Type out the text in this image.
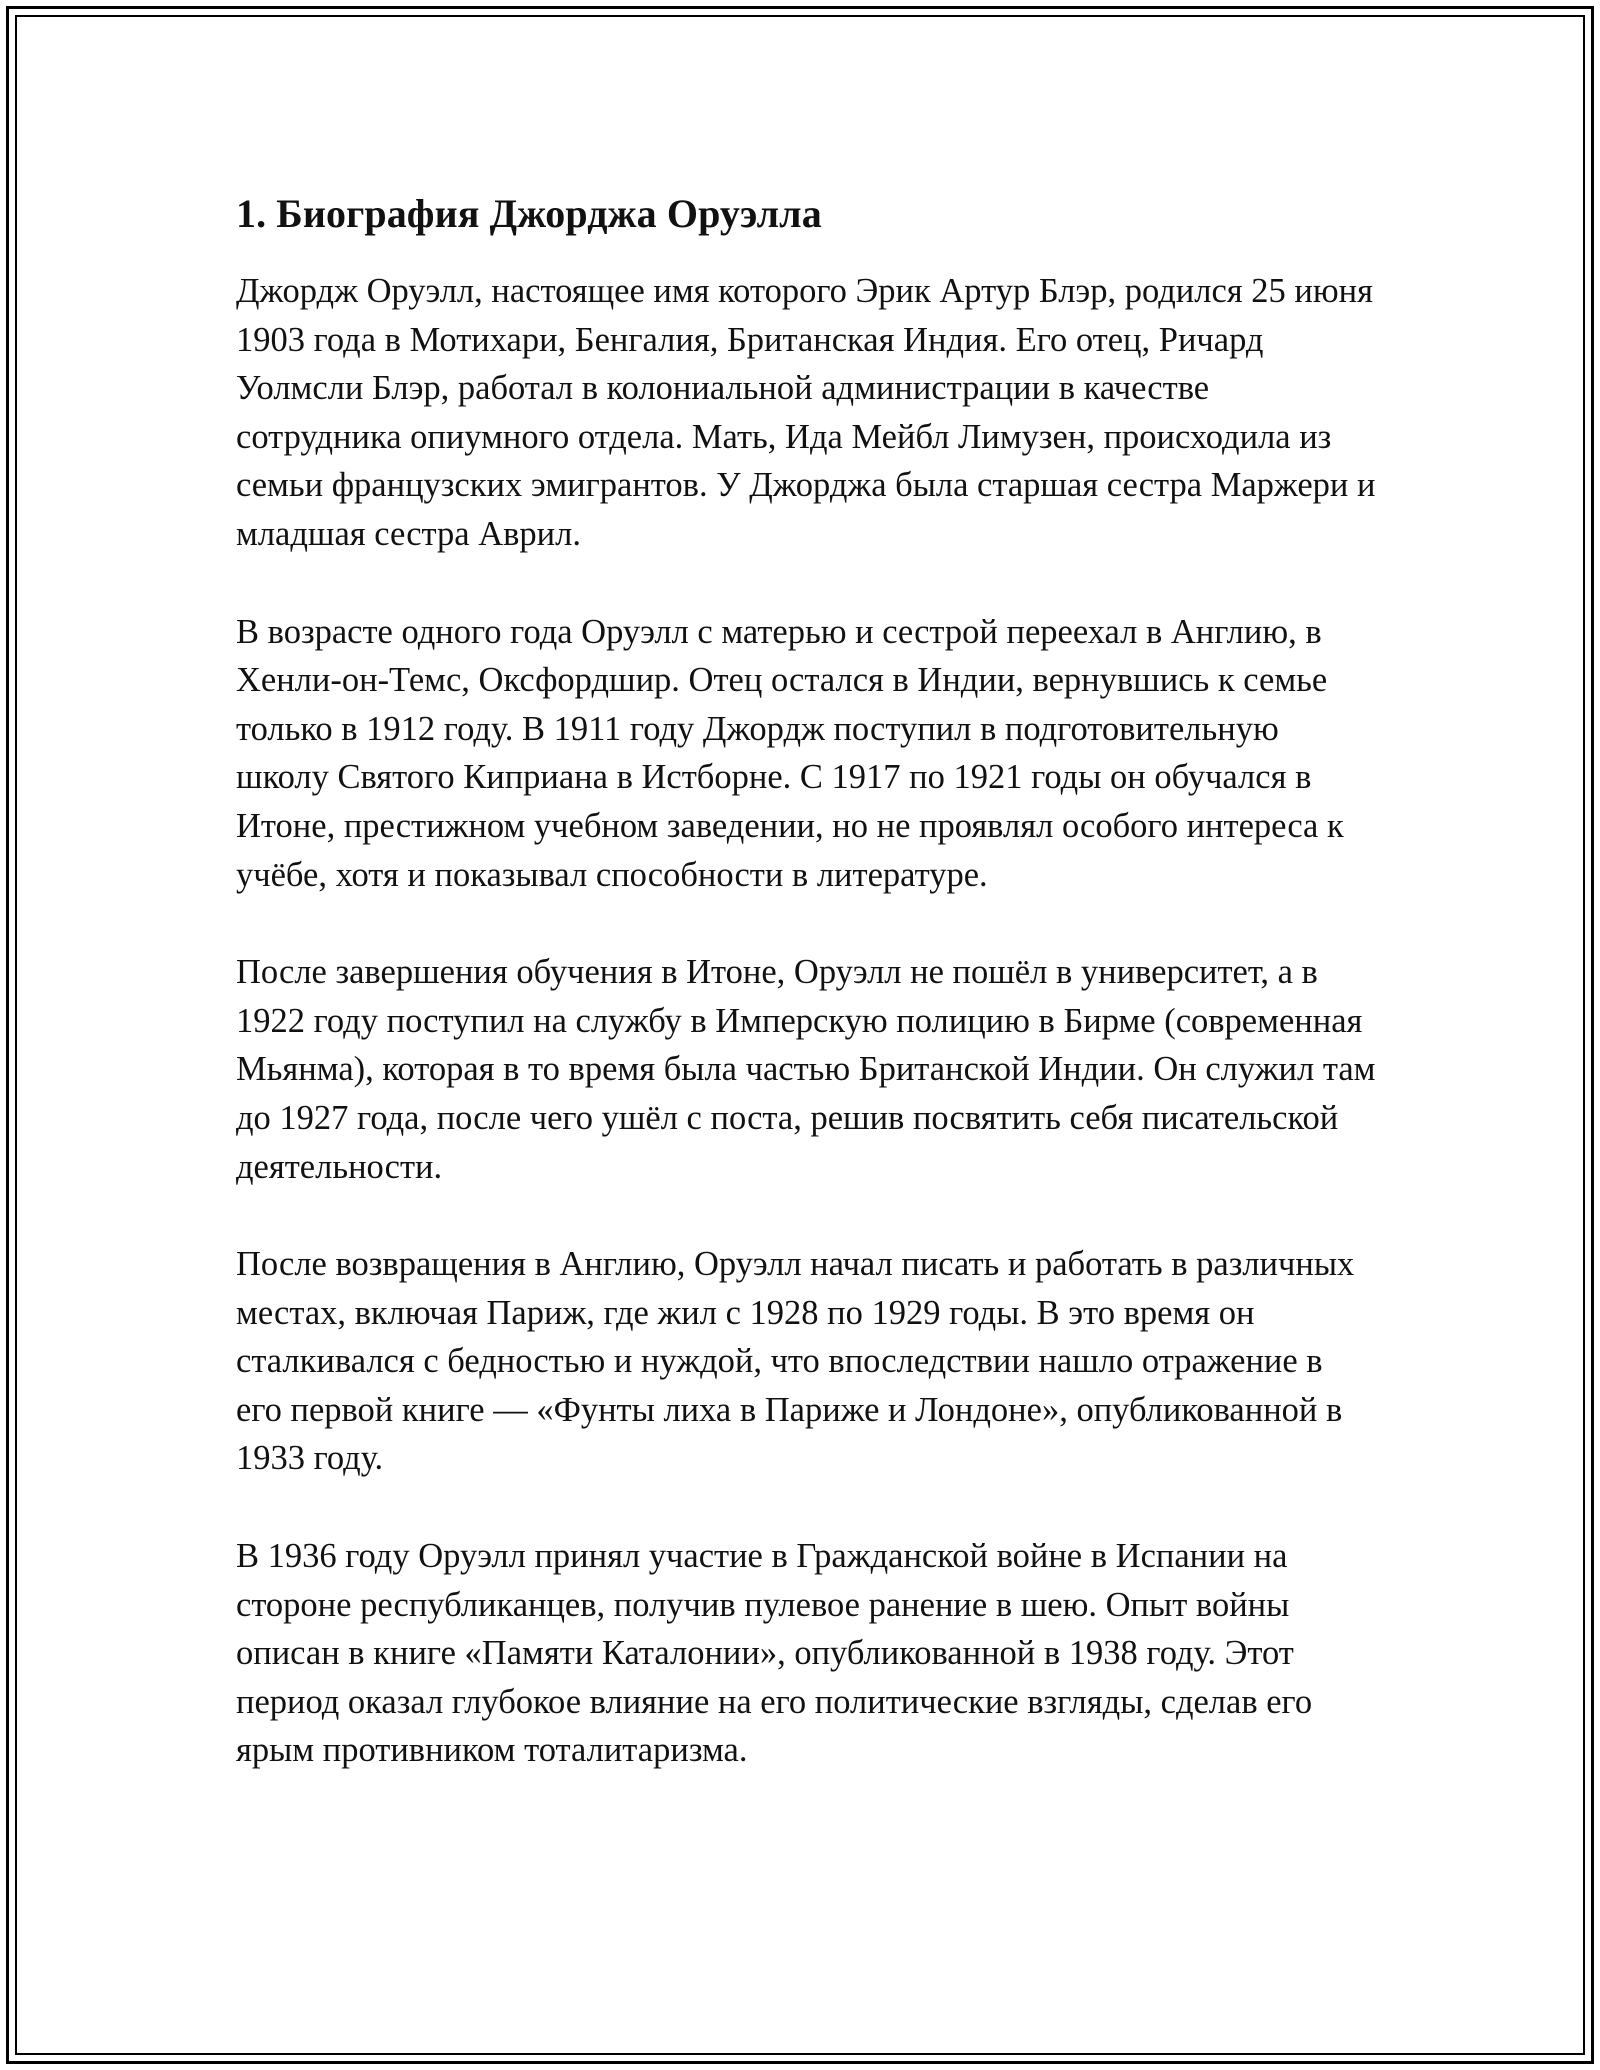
1. Биография Джорджа Оруэлла

Джордж Оруэлл, настоящее имя которого Эрик Артур Блэр, родился 25 июня 1903 года в Мотихари, Бенгалия, Британская Индия. Его отец, Ричард Уолмсли Блэр, работал в колониальной администрации в качестве сотрудника опиумного отдела. Мать, Ида Мейбл Лимузен, происходила из семьи французских эмигрантов. У Джорджа была старшая сестра Маржери и младшая сестра Аврил.

В возрасте одного года Оруэлл с матерью и сестрой переехал в Англию, в Хенли-он-Темс, Оксфордшир. Отец остался в Индии, вернувшись к семье только в 1912 году. В 1911 году Джордж поступил в подготовительную школу Святого Киприана в Истборне. С 1917 по 1921 годы он обучался в Итоне, престижном учебном заведении, но не проявлял особого интереса к учёбе, хотя и показывал способности в литературе.

После завершения обучения в Итоне, Оруэлл не пошёл в университет, а в 1922 году поступил на службу в Имперскую полицию в Бирме (современная Мьянма), которая в то время была частью Британской Индии. Он служил там до 1927 года, после чего ушёл с поста, решив посвятить себя писательской деятельности.

После возвращения в Англию, Оруэлл начал писать и работать в различных местах, включая Париж, где жил с 1928 по 1929 годы. В это время он сталкивался с бедностью и нуждой, что впоследствии нашло отражение в его первой книге — «Фунты лиха в Париже и Лондоне», опубликованной в 1933 году.

В 1936 году Оруэлл принял участие в Гражданской войне в Испании на стороне республиканцев, получив пулевое ранение в шею. Опыт войны описан в книге «Памяти Каталонии», опубликованной в 1938 году. Этот период оказал глубокое влияние на его политические взгляды, сделав его ярым противником тоталитаризма.
